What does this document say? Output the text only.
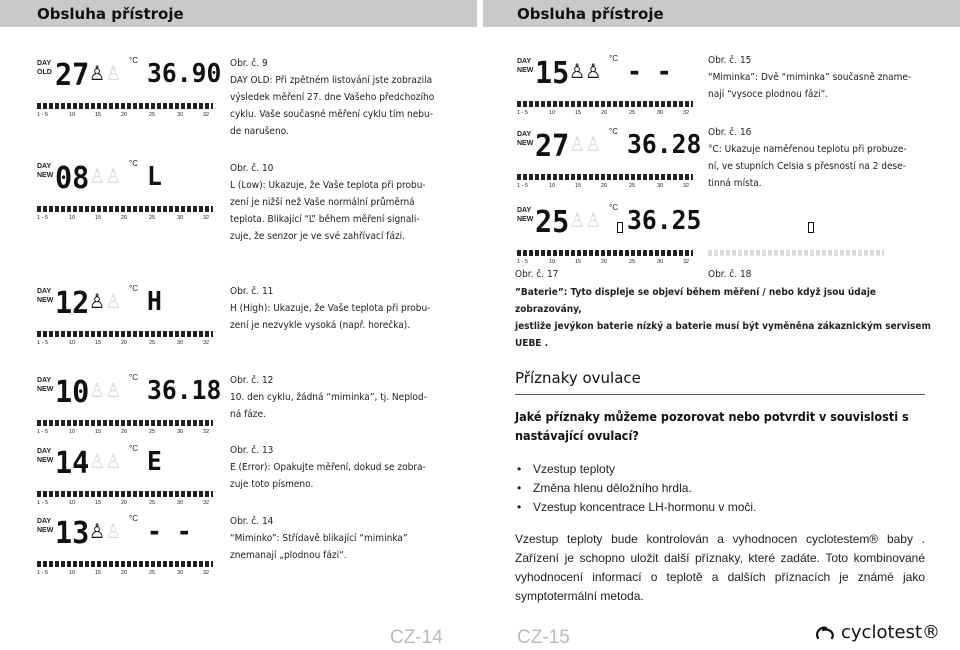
Obsluha přístroje	Obsluha přístroje
DAY
OLD
°C
27 ♙♙ 36.90
1 - 5	10	15	20	25	30	32
DAY
NEW
°C
08 ♙♙ L
1 - 5	10	15	20	25	30	32
DAY
NEW
°C
12 ♙♙ H
1 - 5	10	15	20	25	30	32
DAY
NEW
°C
10 ♙♙ 36.18
1 - 5	10	15	20	25	30	32
DAY
NEW
°C
14 ♙♙ E
1 - 5	10	15	20	25	30	32
DAY
NEW
°C
13 ♙♙ - -
1 - 5	10	15	20	25	30	32
DAY
NEW
°C
15 ♙♙ - -
1 - 5	10	15	20	25	30	32
DAY
NEW
°C
27 ♙♙ 36.28
1 - 5	10	15	20	25	30	32
DAY
NEW
°C
25 ♙♙ 36.25
1 - 5	10	15	20	25	30	32
Obr. č. 9
DAY OLD: Při zpětném listování jste zobrazila
výsledek měření 27. dne Vašeho předchozího
cyklu. Vaše současné měření cyklu tím nebu-
de narušeno.
Obr. č. 10
L (Low): Ukazuje, že Vaše teplota při probu-
zení je nižší než Vaše normální průměrná
teplota. Blikající “L” během měření signali-
zuje, že senzor je ve své zahřívací fázi.
Obr. č. 11
H (High): Ukazuje, že Vaše teplota při probu-
zení je nezvykle vysoká (např. horečka).
Obr. č. 12
10. den cyklu, žádná “miminka”, tj. Neplod-
ná fáze.
Obr. č. 13
E (Error): Opakujte měření, dokud se zobra-
zuje toto písmeno.
Obr. č. 14
“Miminko”: Střídavě blikající “miminka”
znemanají „plodnou fázi“.
Obr. č. 15
“Miminka”: Dvě “miminka” současně zname-
nají “vysoce plodnou fázi”.
Obr. č. 16
°C: Ukazuje naměřenou teplotu při probuze-
ní, ve stupních Celsia s přesností na 2 dese-
tinná místa.
Obr. č. 17	Obr. č. 18
”Baterie”: Tyto displeje se objeví během měření / nebo když jsou údaje zobrazovány,
jestliže jevýkon baterie nízký a baterie musí být vyměněna zákaznickým servisem
UEBE .
Příznaky ovulace
Jaké příznaky můžeme pozorovat nebo potvrdit v souvislosti s nastávající ovulací?
• Vzestup teploty
• Změna hlenu děložního hrdla.
• Vzestup koncentrace LH-hormonu v moči.
Vzestup teploty bude kontrolován a vyhodnocen cyclotestem® baby . Zařízení je schopno uložit další příznaky, které zadáte. Toto kombinované vyhodnocení informací o teplotě a dalších příznacích je známé jako symptotermální metoda.
CZ-14	CZ-15	cyclotest®
